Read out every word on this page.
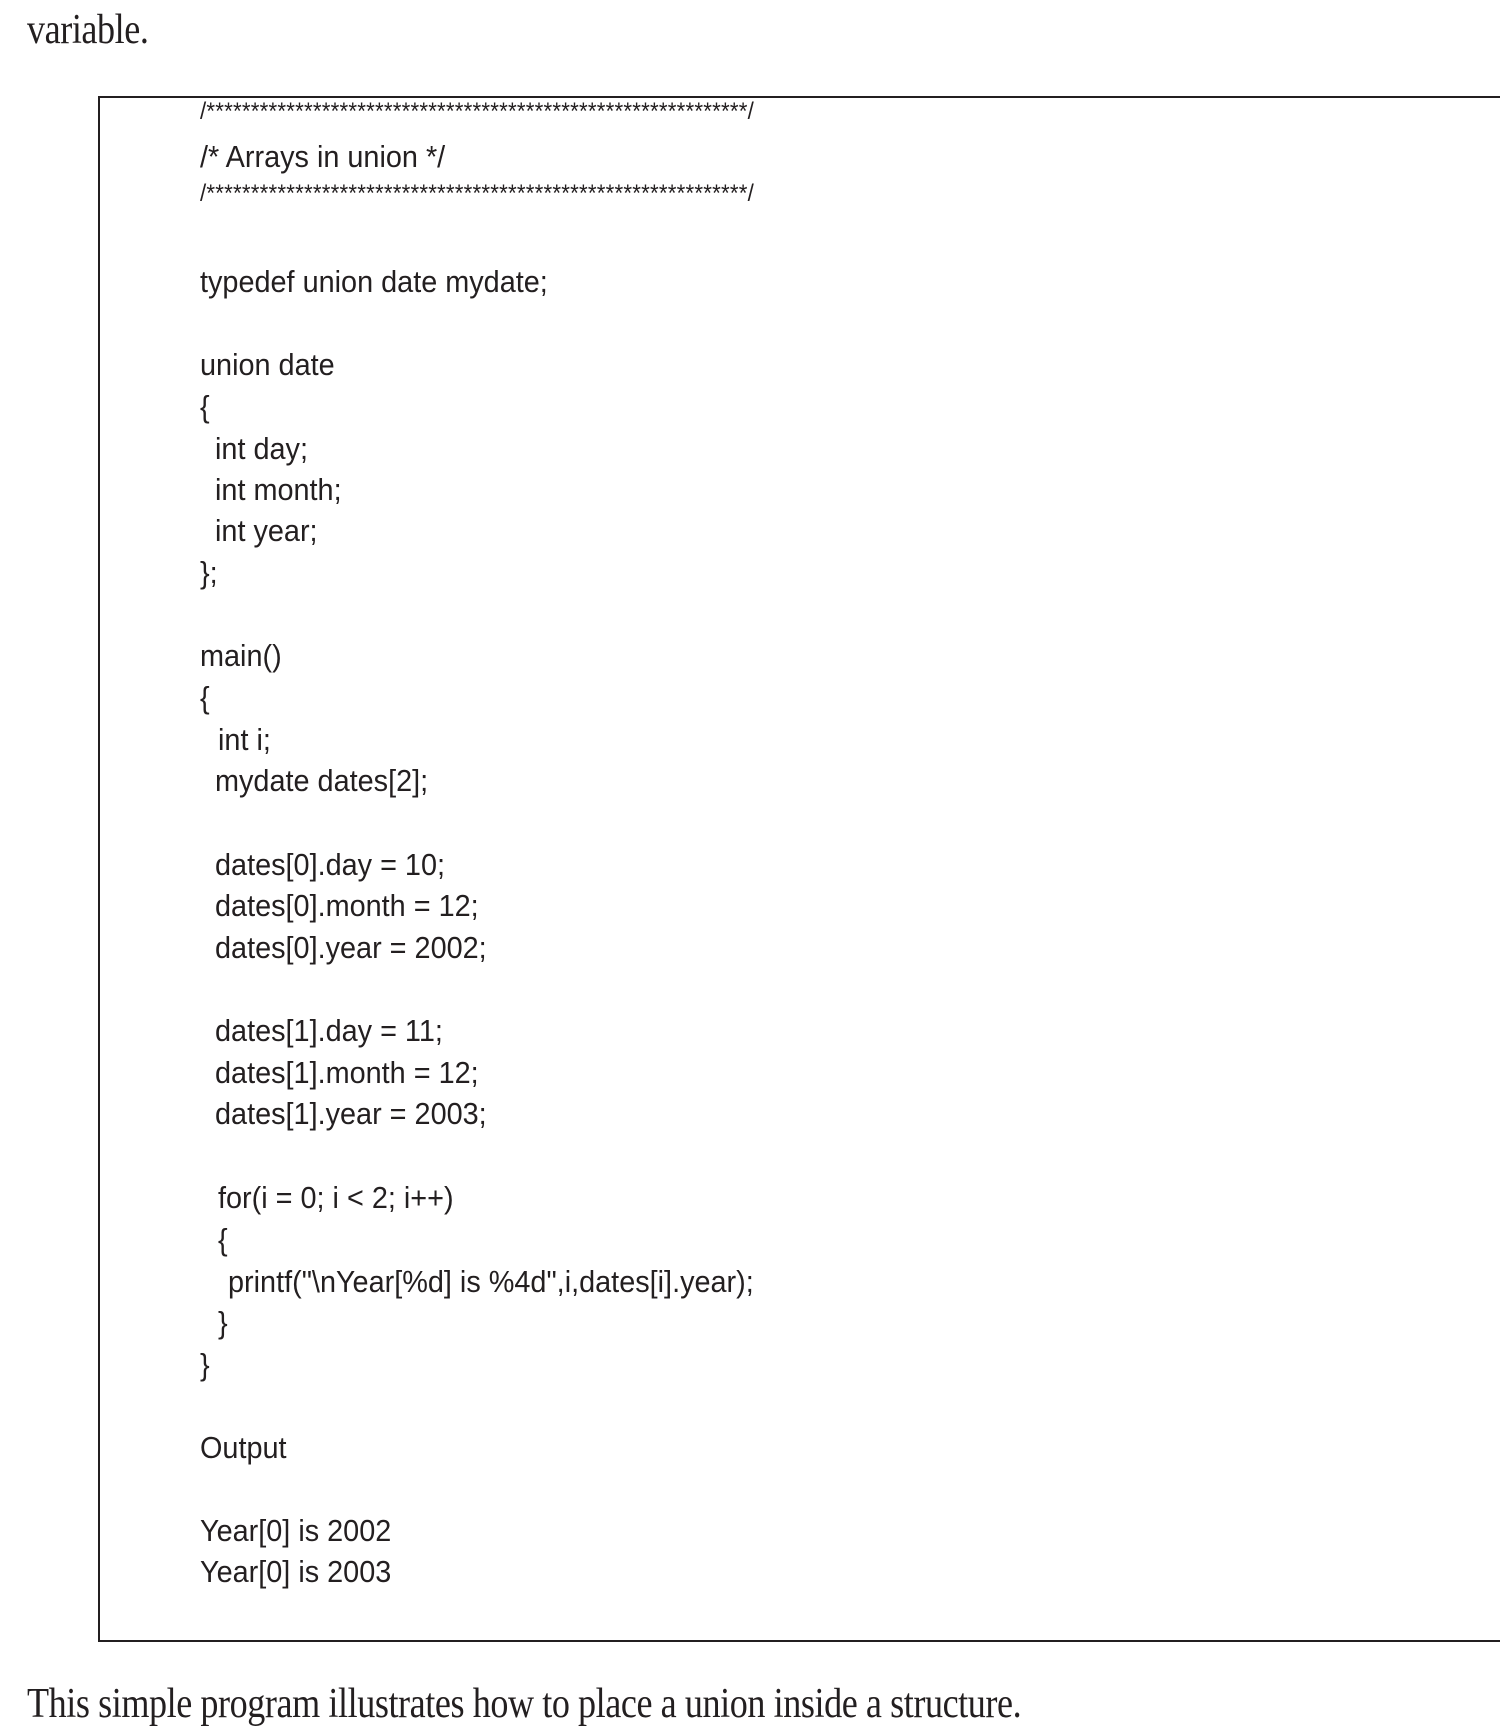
variable.
/*************************************************************/
/* Arrays in union */
/*************************************************************/
typedef union date mydate;
union date
{
int day;
int month;
int year;
};
main()
{
int i;
mydate dates[2];
dates[0].day = 10;
dates[0].month = 12;
dates[0].year = 2002;
dates[1].day = 11;
dates[1].month = 12;
dates[1].year = 2003;
for(i = 0; i < 2; i++)
{
printf("\nYear[%d] is %4d",i,dates[i].year);
}
}
Output
Year[0] is 2002
Year[0] is 2003
This simple program illustrates how to place a union inside a structure.
